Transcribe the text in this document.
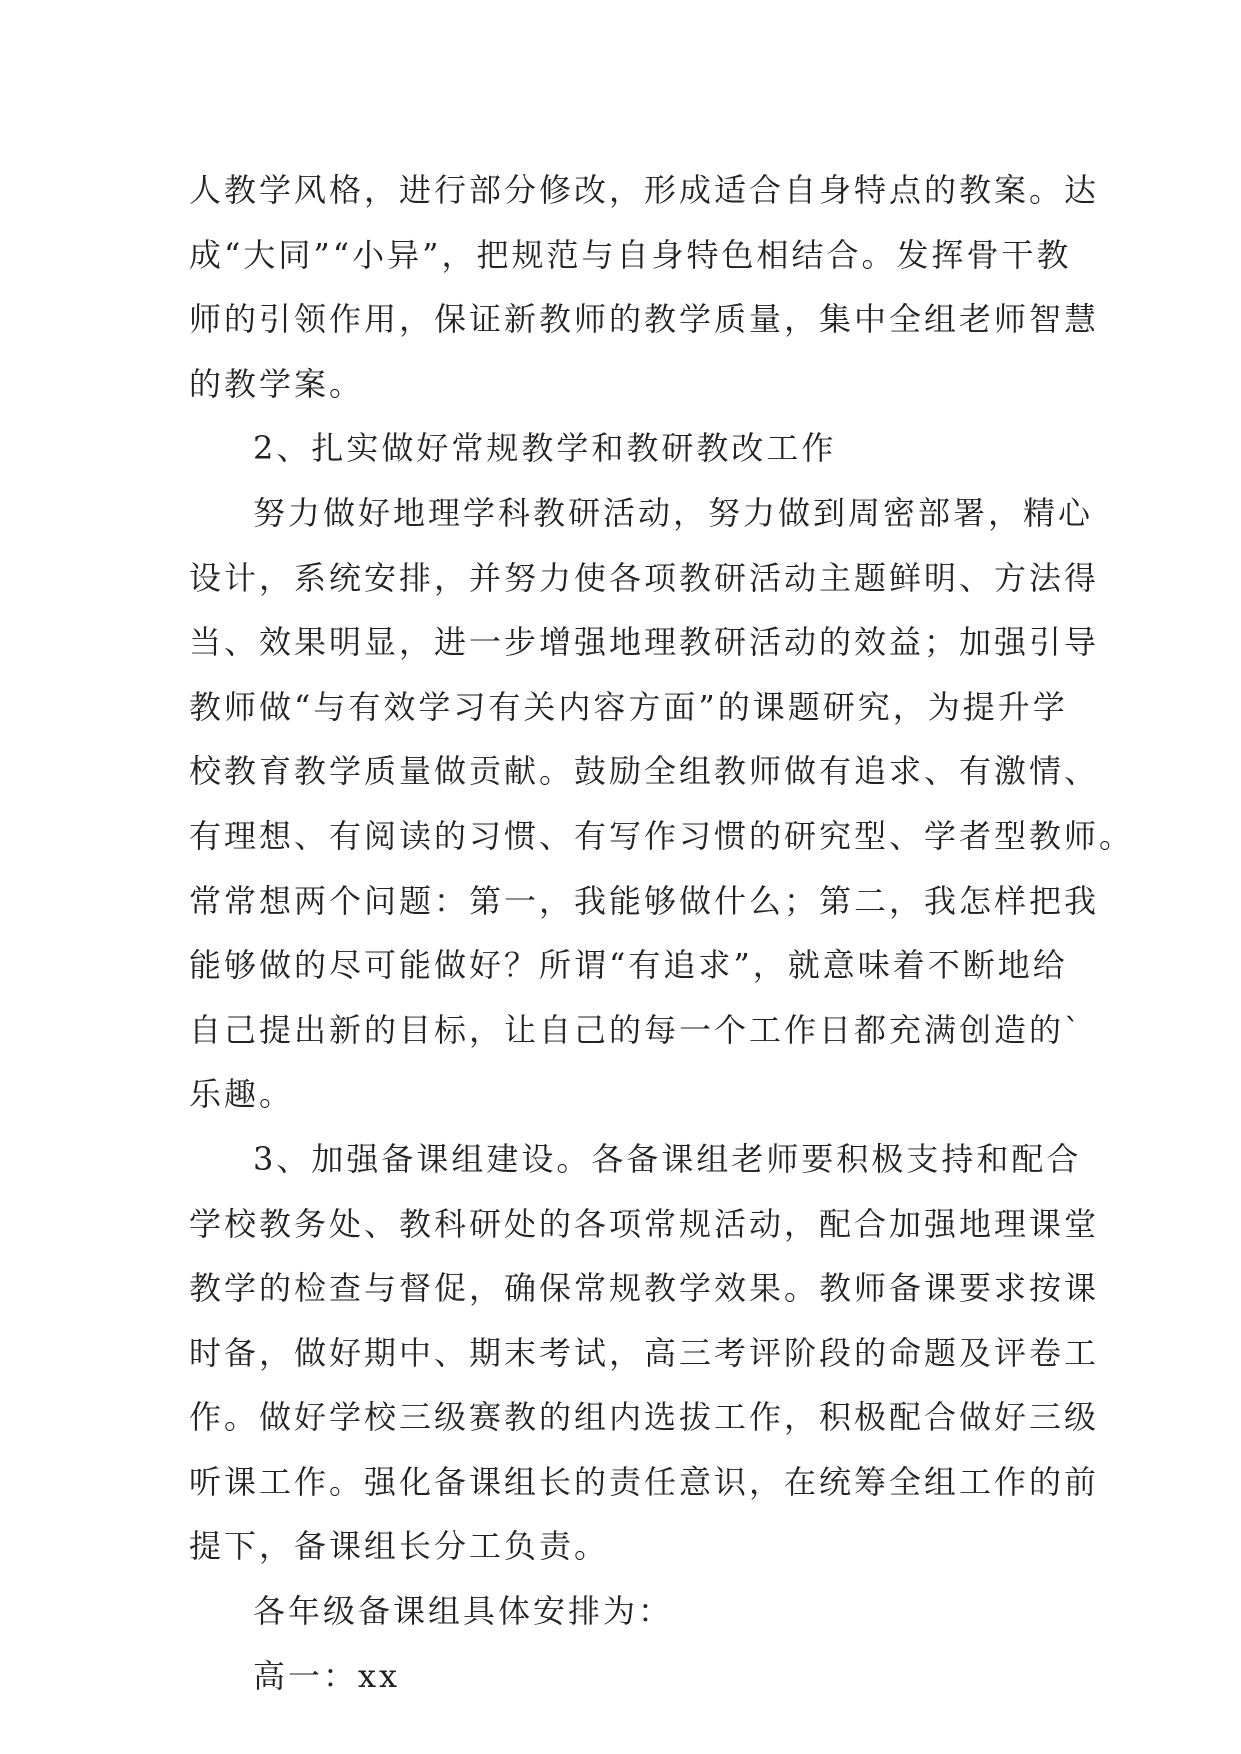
人教学风格，进行部分修改，形成适合自身特点的教案。达
成“大同”“小异”，把规范与自身特色相结合。发挥骨干教
师的引领作用，保证新教师的教学质量，集中全组老师智慧
的教学案。
2、扎实做好常规教学和教研教改工作
努力做好地理学科教研活动，努力做到周密部署，精心
设计，系统安排，并努力使各项教研活动主题鲜明、方法得
当、效果明显，进一步增强地理教研活动的效益；加强引导
教师做“与有效学习有关内容方面”的课题研究，为提升学
校教育教学质量做贡献。鼓励全组教师做有追求、有激情、
有理想、有阅读的习惯、有写作习惯的研究型、学者型教师。
常常想两个问题：第一，我能够做什么；第二，我怎样把我
能够做的尽可能做好？所谓“有追求”，就意味着不断地给
自己提出新的目标，让自己的每一个工作日都充满创造的`
乐趣。
3、加强备课组建设。各备课组老师要积极支持和配合
学校教务处、教科研处的各项常规活动，配合加强地理课堂
教学的检查与督促，确保常规教学效果。教师备课要求按课
时备，做好期中、期末考试，高三考评阶段的命题及评卷工
作。做好学校三级赛教的组内选拔工作，积极配合做好三级
听课工作。强化备课组长的责任意识，在统筹全组工作的前
提下，备课组长分工负责。
各年级备课组具体安排为：
高一：xx
